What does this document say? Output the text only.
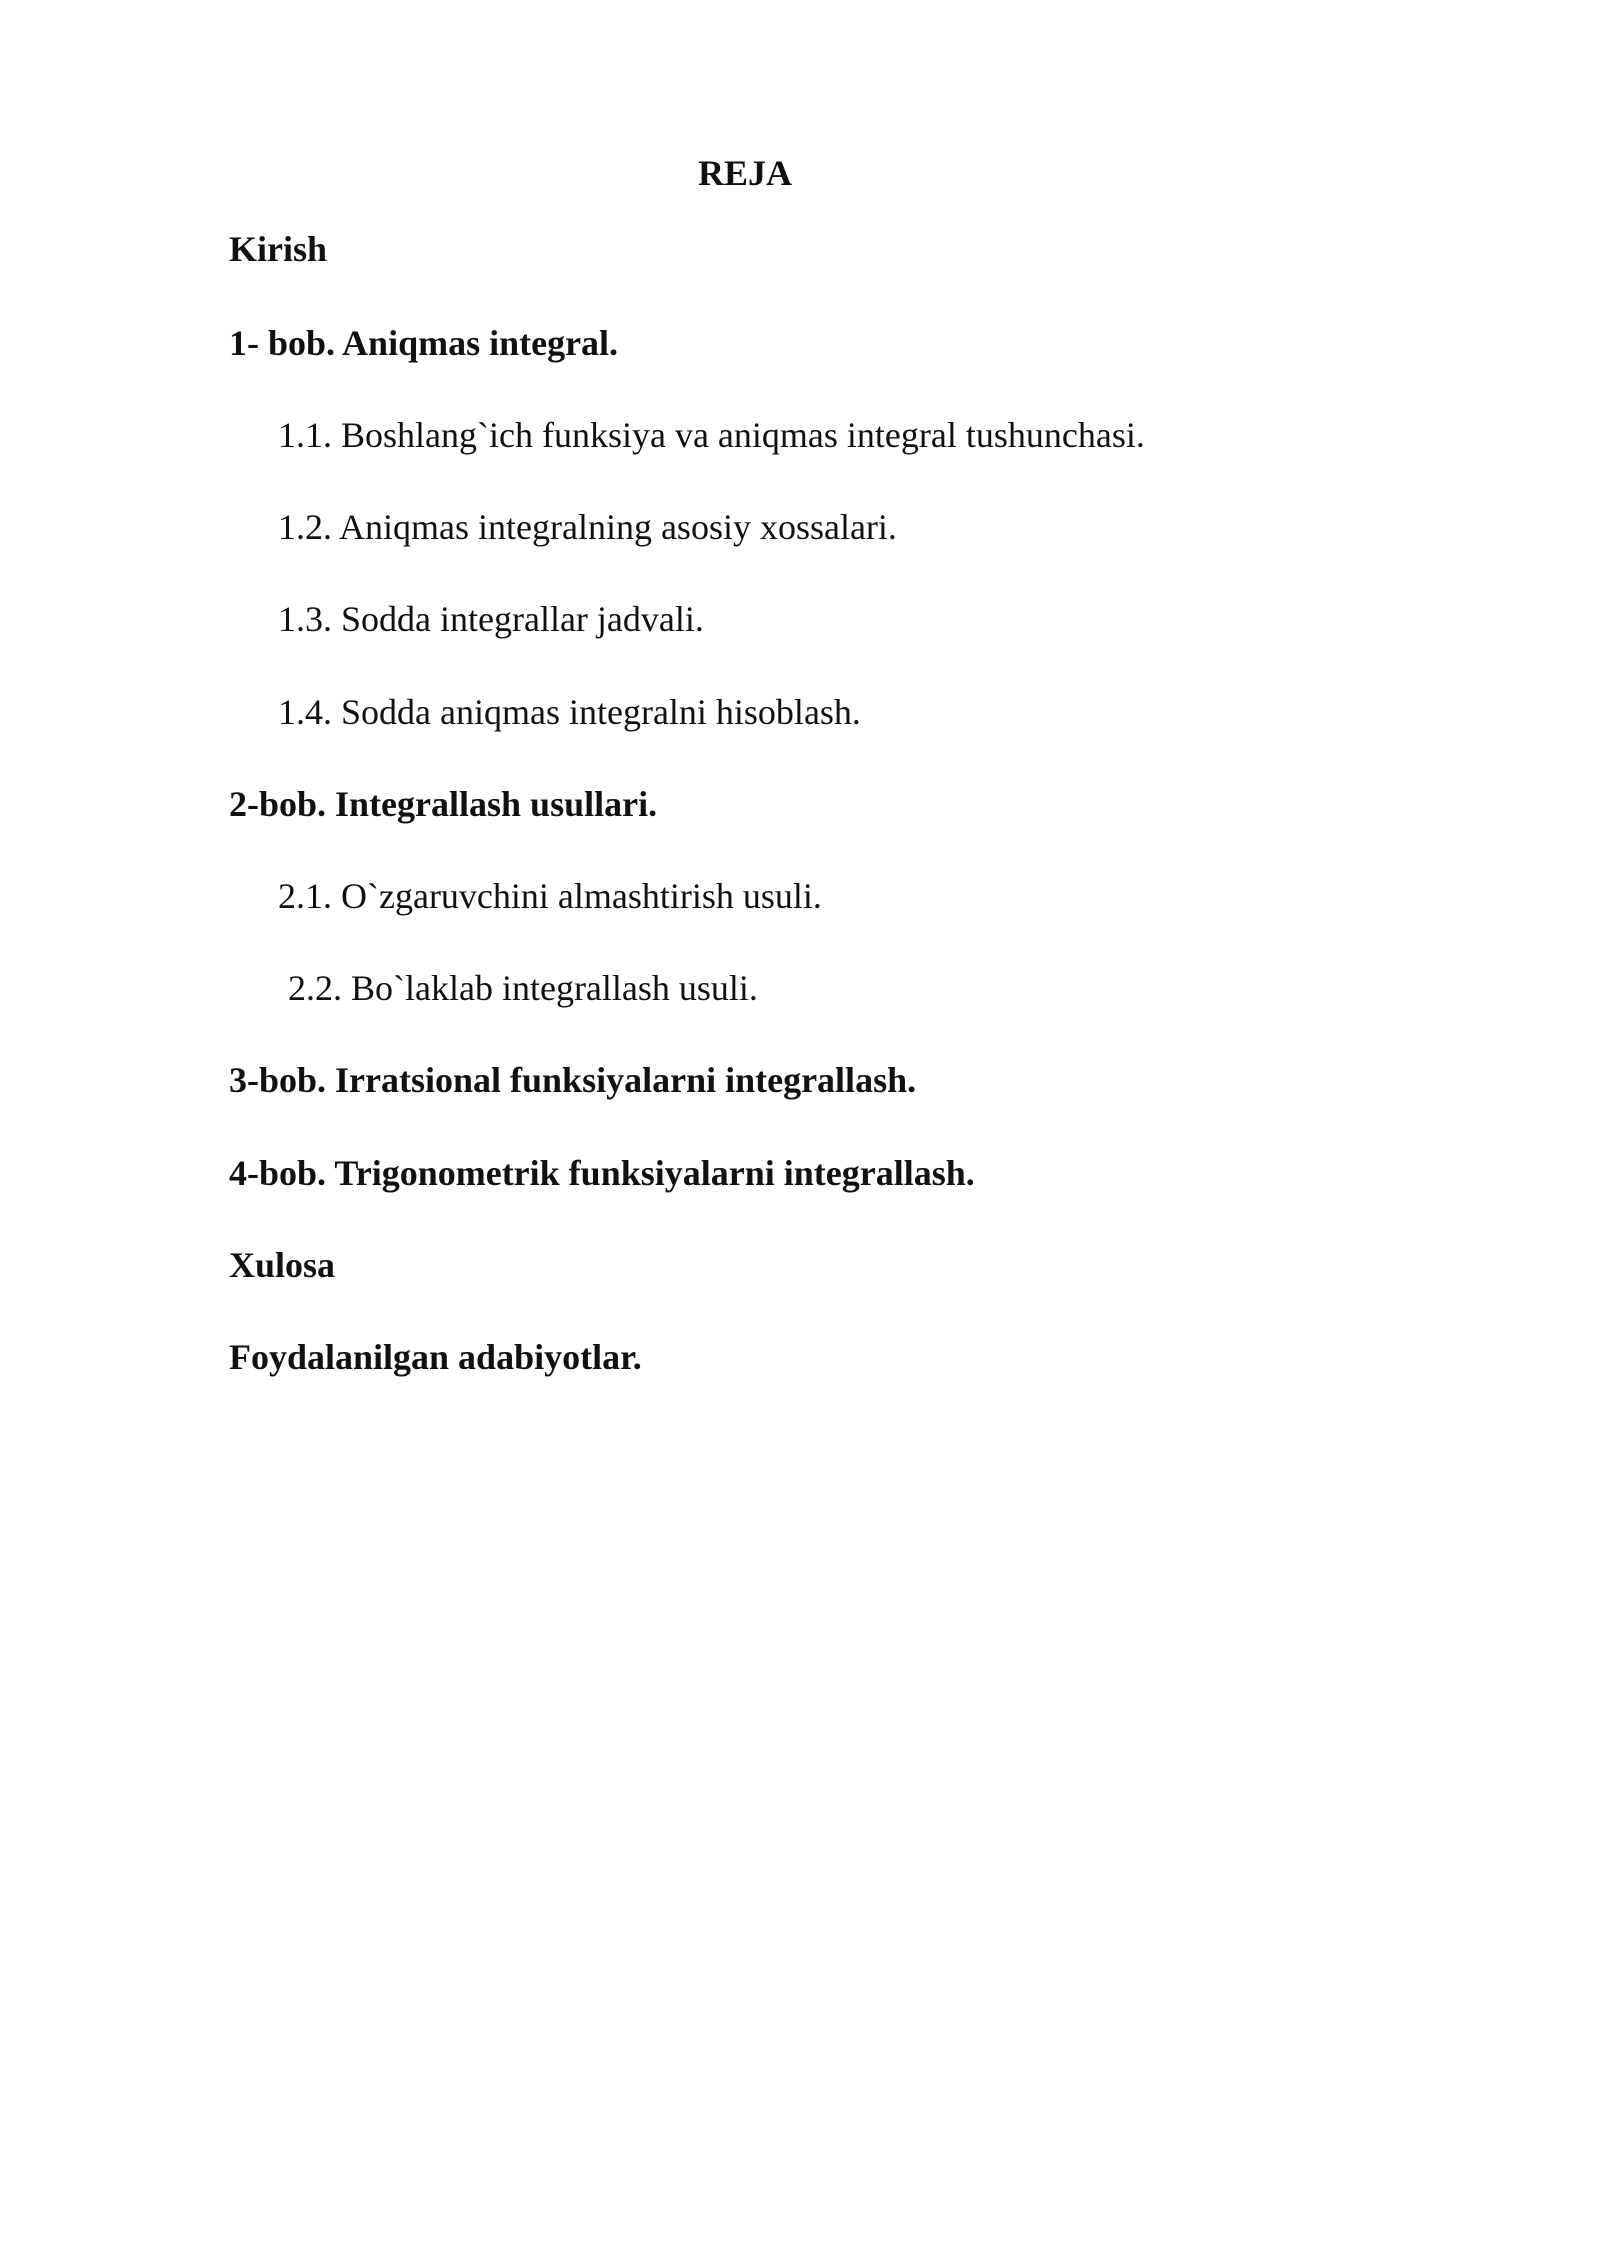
REJA

Kirish

1- bob. Aniqmas integral.

1.1. Boshlang`ich funksiya va aniqmas integral tushunchasi.

1.2. Aniqmas integralning asosiy xossalari.

1.3. Sodda integrallar jadvali.

1.4. Sodda aniqmas integralni hisoblash.

2-bob. Integrallash usullari.

2.1. O`zgaruvchini almashtirish usuli.

2.2. Bo`laklab integrallash usuli.

3-bob. Irratsional funksiyalarni integrallash.

4-bob. Trigonometrik funksiyalarni integrallash.

Xulosa

Foydalanilgan adabiyotlar.
